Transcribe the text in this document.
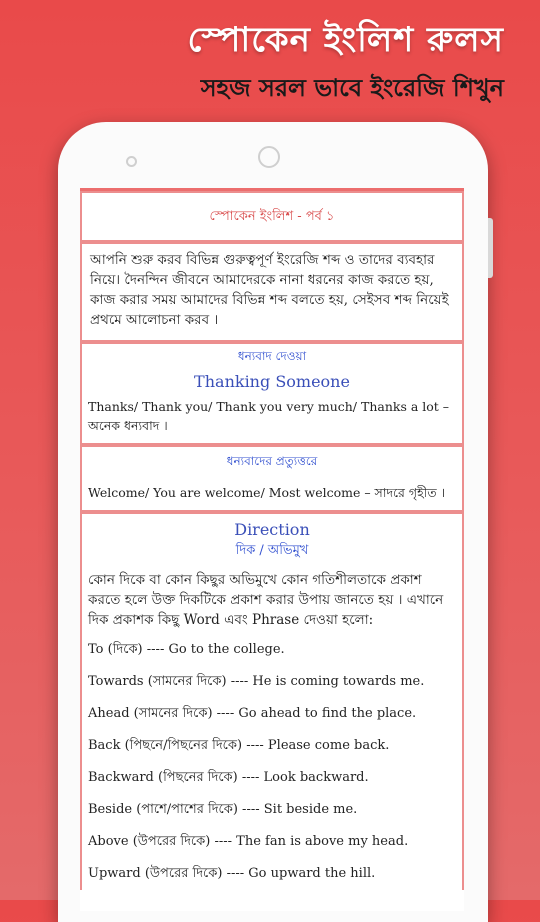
স্পোকেন ইংলিশ রুলস
সহজ সরল ভাবে ইংরেজি শিখুন
স্পোকেন ইংলিশ - পর্ব ১
আপনি শুরু করব বিভিন্ন গুরুত্বপূর্ণ ইংরেজি শব্দ ও তাদের ব্যবহার নিয়ে। দৈনন্দিন জীবনে আমাদেরকে নানা ধরনের কাজ করতে হয়, কাজ করার সময় আমাদের বিভিন্ন শব্দ বলতে হয়, সেইসব শব্দ নিয়েই প্রথমে আলোচনা করব ।
ধন্যবাদ দেওয়া
Thanking Someone
Thanks/ Thank you/ Thank you very much/ Thanks a lot – অনেক ধন্যবাদ ।
ধন্যবাদের প্রত্যুত্তরে
Welcome/ You are welcome/ Most welcome – সাদরে গৃহীত ।
Direction
দিক / অভিমুখ
কোন দিকে বা কোন কিছুর অভিমুখে কোন গতিশীলতাকে প্রকাশ করতে হলে উক্ত দিকটিকে প্রকাশ করার উপায় জানতে হয় । এখানে দিক প্রকাশক কিছু Word এবং Phrase দেওয়া হলো:
To (দিকে) ---- Go to the college.
Towards (সামনের দিকে) ---- He is coming towards me.
Ahead (সামনের দিকে) ---- Go ahead to find the place.
Back (পিছনে/পিছনের দিকে) ---- Please come back.
Backward (পিছনের দিকে) ---- Look backward.
Beside (পাশে/পাশের দিকে) ---- Sit beside me.
Above (উপরের দিকে) ---- The fan is above my head.
Upward (উপরের দিকে) ---- Go upward the hill.
